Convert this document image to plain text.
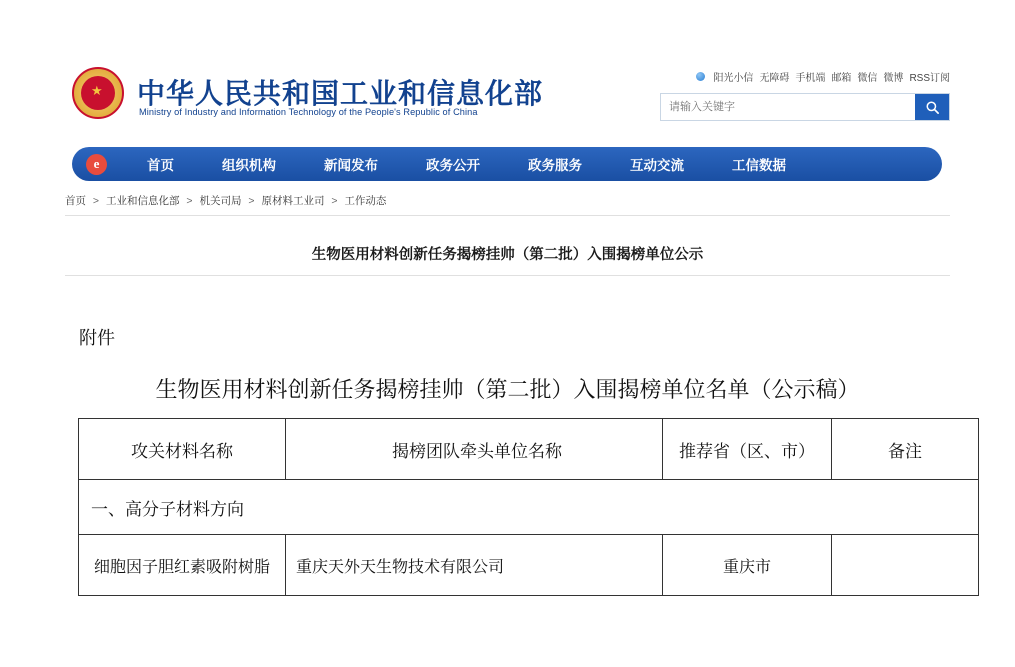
★ 中华人民共和国工业和信息化部
Ministry of Industry and Information Technology of the People's Republic of China
阳光小信 无障碍 手机端 邮箱 微信 微博 RSS订阅
请输入关键字
e	首页	组织机构	新闻发布	政务公开	政务服务	互动交流	工信数据
首页 > 工业和信息化部 > 机关司局 > 原材料工业司 > 工作动态
生物医用材料创新任务揭榜挂帅（第二批）入围揭榜单位公示
附件
生物医用材料创新任务揭榜挂帅（第二批）入围揭榜单位名单（公示稿）
攻关材料名称	揭榜团队牵头单位名称	推荐省（区、市）	备注
一、高分子材料方向			
细胞因子胆红素吸附树脂	重庆天外天生物技术有限公司	重庆市	
